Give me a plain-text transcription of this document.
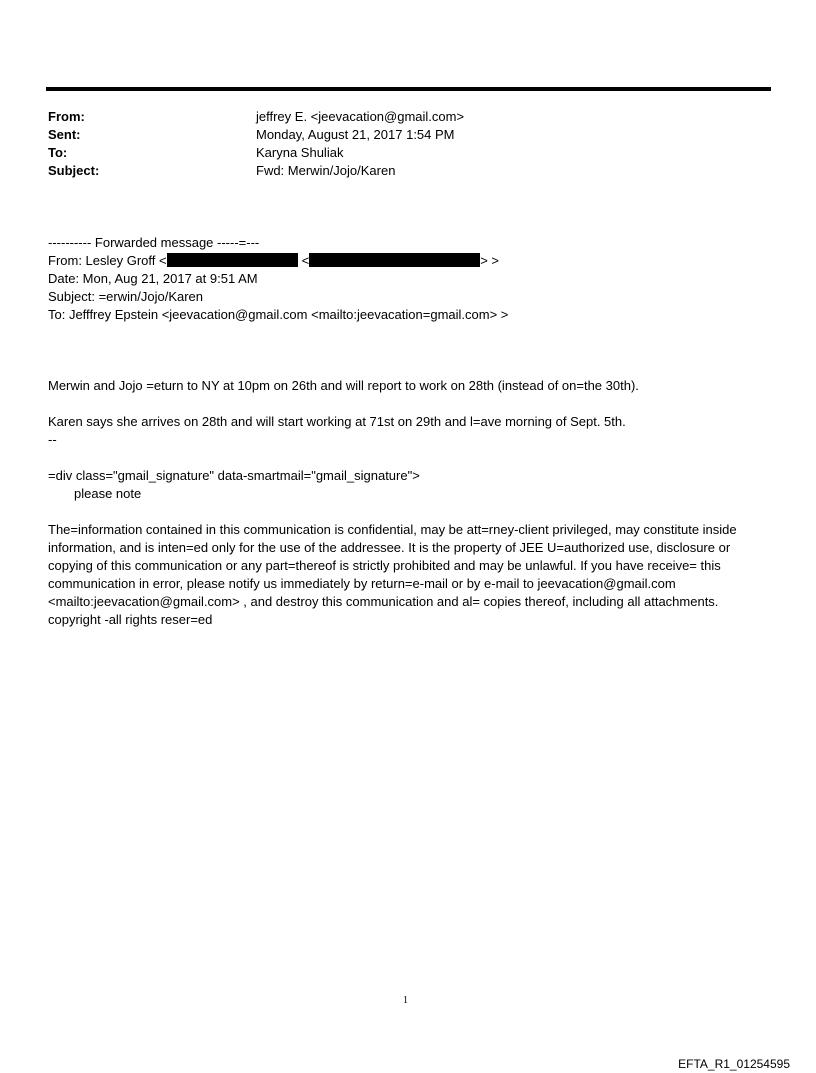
From:	jeffrey E. <jeevacation@gmail.com>
Sent:	Monday, August 21, 2017 1:54 PM
To:	Karyna Shuliak
Subject:	Fwd: Merwin/Jojo/Karen
---------- Forwarded message -----=---
From: Lesley Groff <	<	> >
Date: Mon, Aug 21, 2017 at 9:51 AM
Subject: =erwin/Jojo/Karen
To: Jefffrey Epstein <jeevacation@gmail.com <mailto:jeevacation=gmail.com> >
Merwin and Jojo =eturn to NY at 10pm on 26th and will report to work on 28th (instead of on=the 30th).
Karen says she arrives on 28th and will start working at 71st on 29th and l=ave morning of Sept. 5th.
--
=div class="gmail_signature" data-smartmail="gmail_signature">
please note
The=information contained in this communication is confidential, may be att=rney-client privileged, may constitute inside information, and is inten=ed only for the use of the addressee. It is the property of JEE U=authorized use, disclosure or copying of this communication or any part=thereof is strictly prohibited and may be unlawful. If you have receive= this communication in error, please notify us immediately by return=e-mail or by e-mail to jeevacation@gmail.com <mailto:jeevacation@gmail.com> , and destroy this communication and al= copies thereof, including all attachments. copyright -all rights reser=ed
1
EFTA_R1_01254595
